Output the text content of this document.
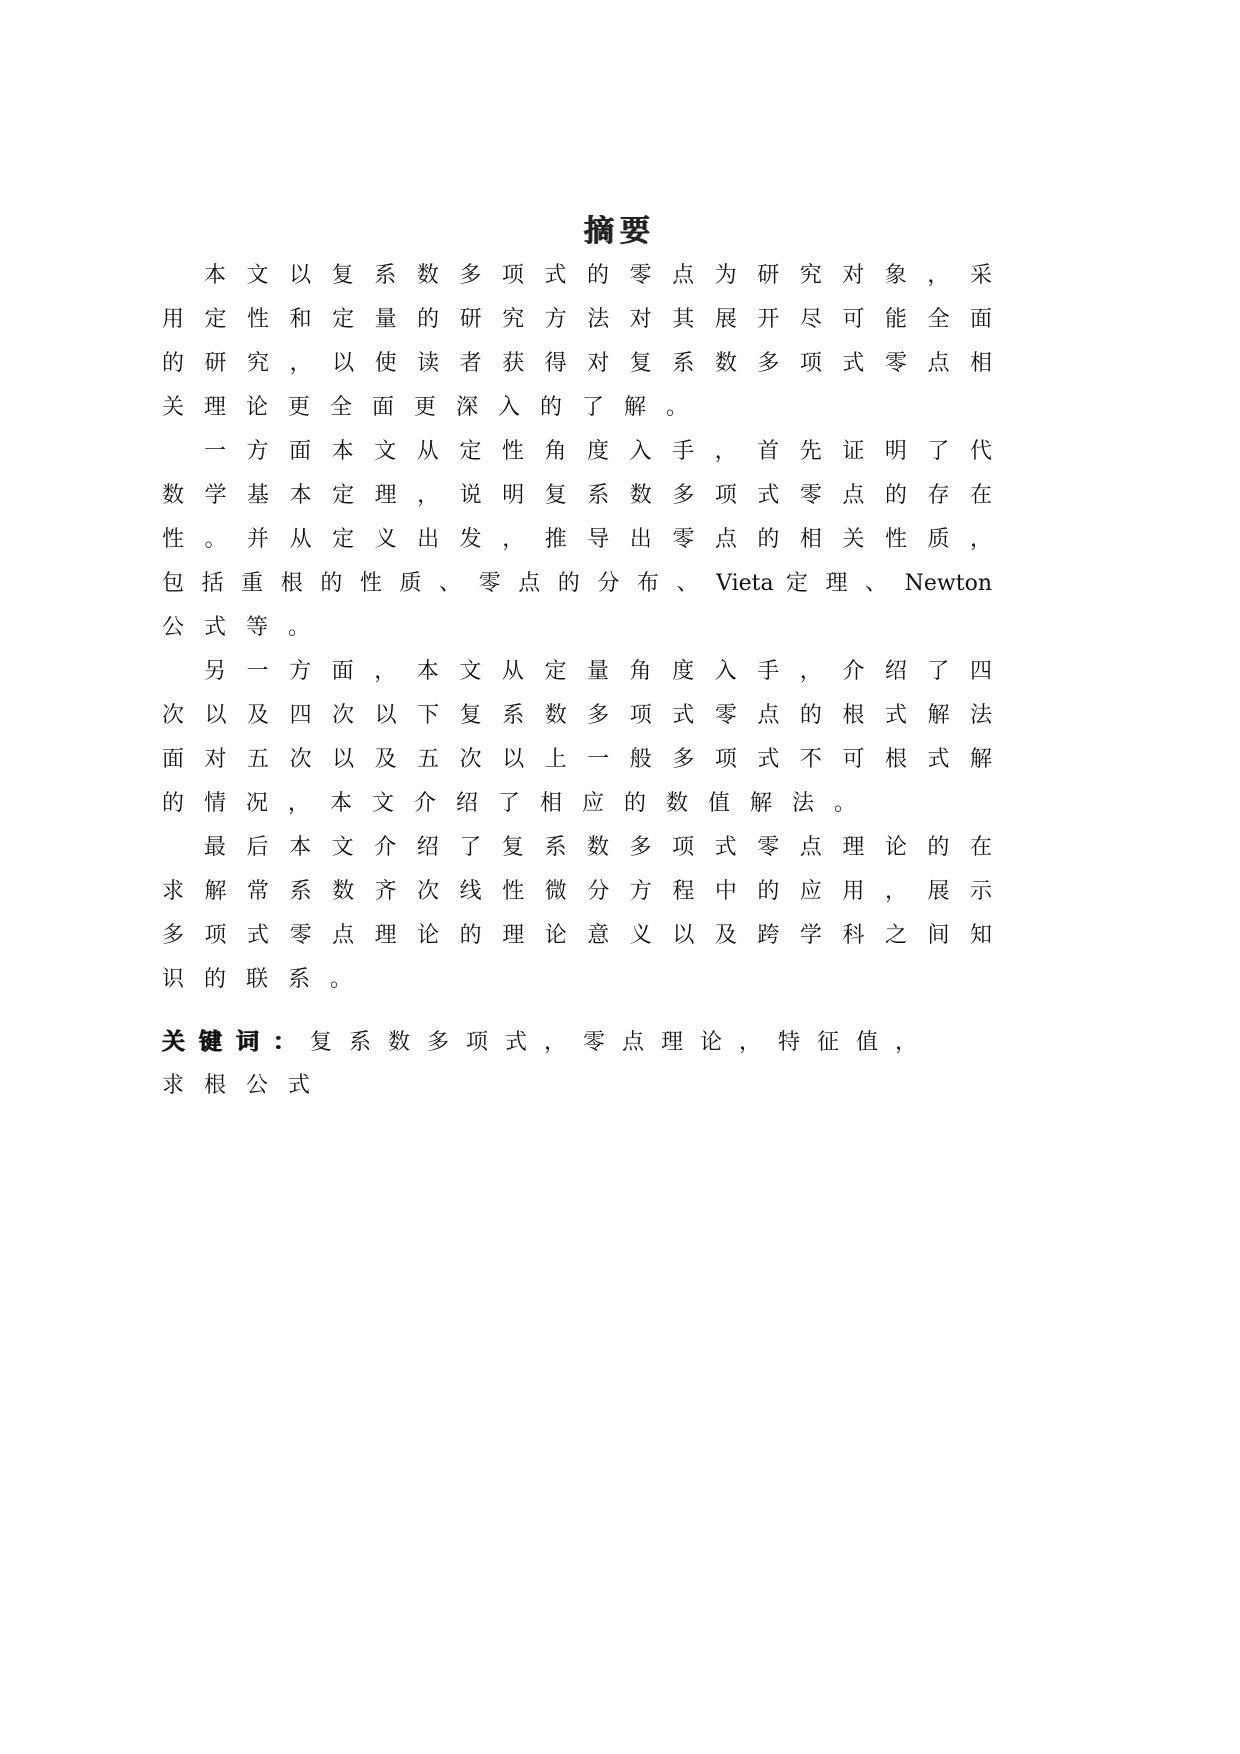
摘要
本 文 以 复 系 数 多 项 式 的 零 点 为 研 究 对 象 ， 采
用 定 性 和 定 量 的 研 究 方 法 对 其 展 开 尽 可 能 全 面
的 研 究 ， 以 使 读 者 获 得 对 复 系 数 多 项 式 零 点 相
关理论更全面更深入的了解。
一 方 面 本 文 从 定 性 角 度 入 手 ， 首 先 证 明 了 代
数 学 基 本 定 理 ， 说 明 复 系 数 多 项 式 零 点 的 存 在
性 。 并 从 定 义 出 发 ， 推 导 出 零 点 的 相 关 性 质 ，
包 括 重 根 的 性 质 、 零 点 的 分 布 、 Vieta 定 理 、 Newton
公式等。
另 一 方 面 ， 本 文 从 定 量 角 度 入 手 ， 介 绍 了 四
次 以 及 四 次 以 下 复 系 数 多 项 式 零 点 的 根 式 解 法
面 对 五 次 以 及 五 次 以 上 一 般 多 项 式 不 可 根 式 解
的情况，本文介绍了相应的数值解法。
最 后 本 文 介 绍 了 复 系 数 多 项 式 零 点 理 论 的 在
求 解 常 系 数 齐 次 线 性 微 分 方 程 中 的 应 用 ， 展 示
多 项 式 零 点 理 论 的 理 论 意 义 以 及 跨 学 科 之 间 知
识的联系。
关键词：复系数多项式，零点理论，特征值，
求根公式
